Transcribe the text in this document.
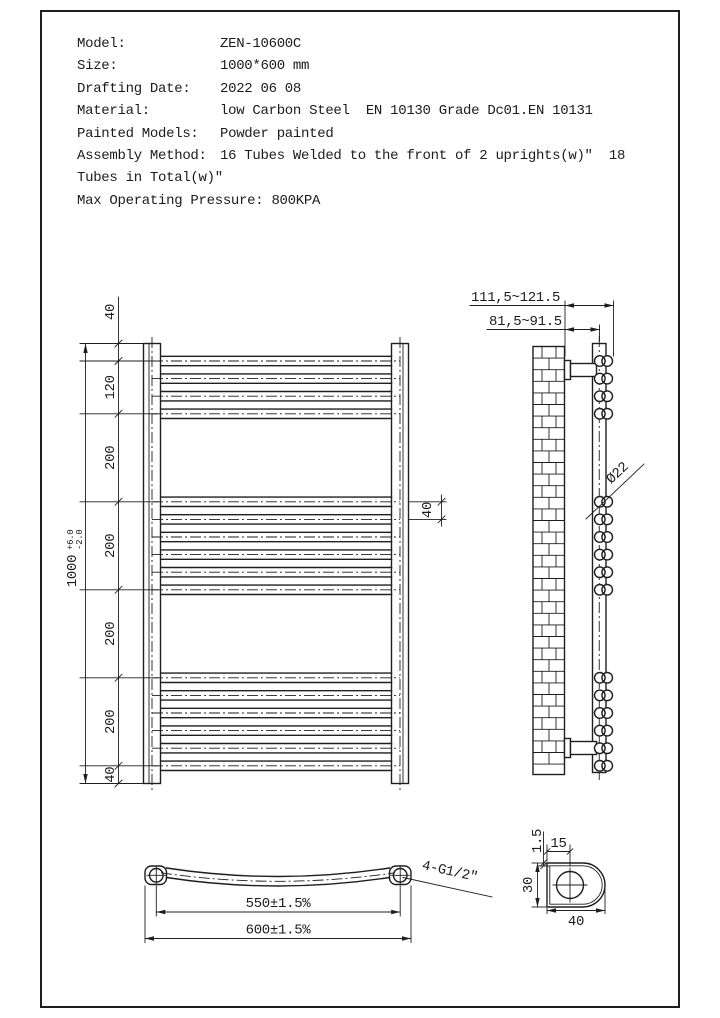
Model:	ZEN-10600C
Size:	1000*600 mm
Drafting Date: 2022 06 08
Material:	low Carbon Steel  EN 10130 Grade Dc01.EN 10131
Painted Models: Powder painted
Assembly Method: 16 Tubes Welded to the front of 2 uprights(w)"  18
Tubes in Total(w)"
Max Operating Pressure: 800KPA
40
40
120
200
200
200
200
40
1000
+6.0 -2.0
111,5~121.5
81,5~91.5
Ø22
550±1.5%
600±1.5%
4-G1/2"	30
1.5 15
40
